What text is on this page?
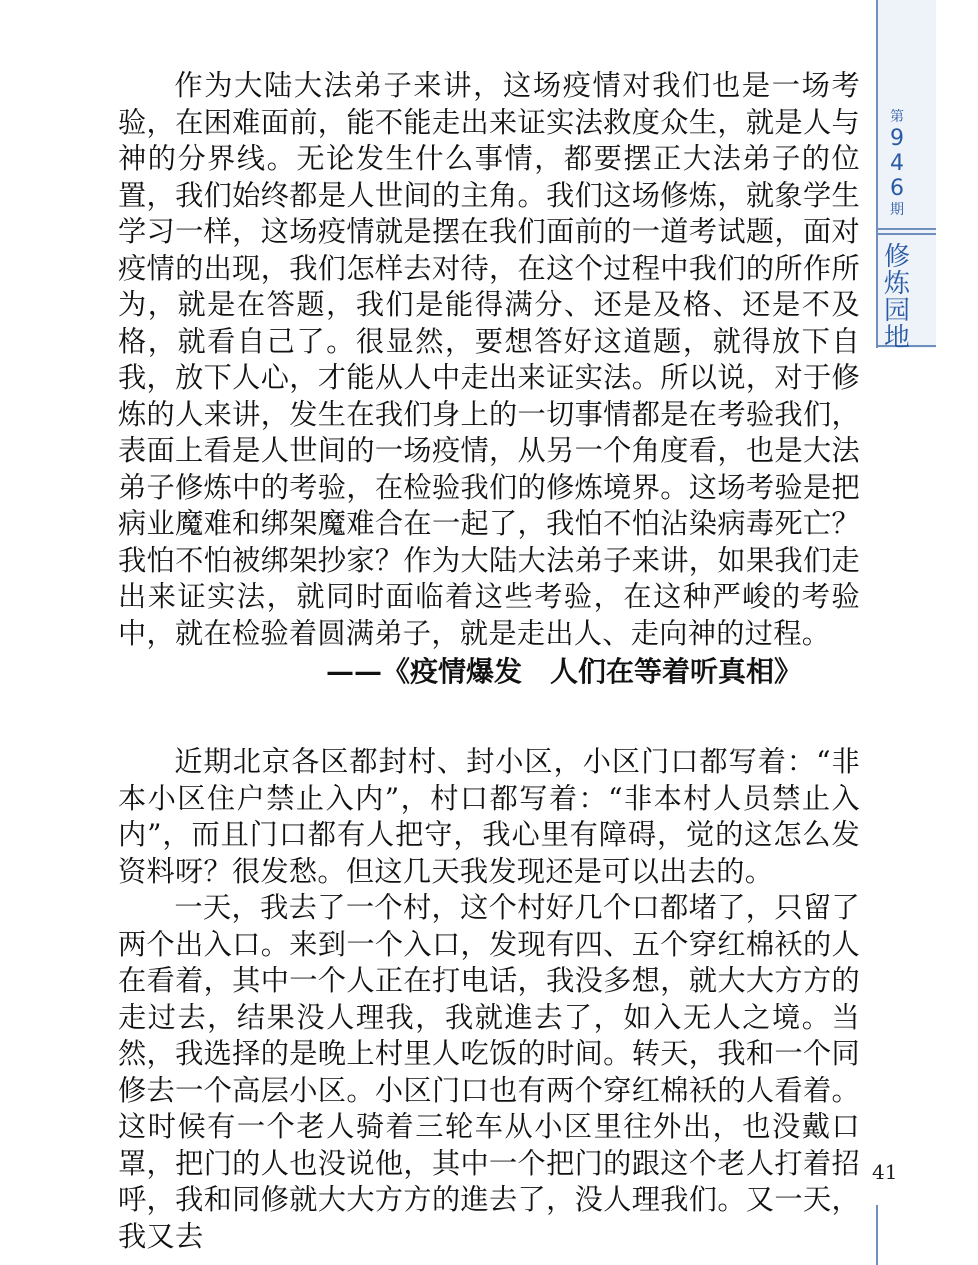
作为大陆大法弟子来讲，这场疫情对我们也是一场考验，在困难面前，能不能走出来证实法救度众生，就是人与神的分界线。无论发生什么事情，都要摆正大法弟子的位置，我们始终都是人世间的主角。我们这场修炼，就象学生学习一样，这场疫情就是摆在我们面前的一道考试题，面对疫情的出现，我们怎样去对待，在这个过程中我们的所作所为，就是在答题，我们是能得满分、还是及格、还是不及格，就看自己了。很显然，要想答好这道题，就得放下自我，放下人心，才能从人中走出来证实法。所以说，对于修炼的人来讲，发生在我们身上的一切事情都是在考验我们，表面上看是人世间的一场疫情，从另一个角度看，也是大法弟子修炼中的考验，在检验我们的修炼境界。这场考验是把病业魔难和绑架魔难合在一起了，我怕不怕沾染病毒死亡？我怕不怕被绑架抄家？作为大陆大法弟子来讲，如果我们走出来证实法，就同时面临着这些考验，在这种严峻的考验中，就在检验着圆满弟子，就是走出人、走向神的过程。

——《疫情爆发　人们在等着听真相》

近期北京各区都封村、封小区，小区门口都写着：“非本小区住户禁止入内”，村口都写着：“非本村人员禁止入内”，而且门口都有人把守，我心里有障碍，觉的这怎么发资料呀？很发愁。但这几天我发现还是可以出去的。

一天，我去了一个村，这个村好几个口都堵了，只留了两个出入口。来到一个入口，发现有四、五个穿红棉袄的人在看着，其中一个人正在打电话，我没多想，就大大方方的走过去，结果没人理我，我就進去了，如入无人之境。当然，我选择的是晚上村里人吃饭的时间。转天，我和一个同修去一个高层小区。小区门口也有两个穿红棉袄的人看着。这时候有一个老人骑着三轮车从小区里往外出，也没戴口罩，把门的人也没说他，其中一个把门的跟这个老人打着招呼，我和同修就大大方方的進去了，没人理我们。又一天，我又去

第
9
4
6
期
修
炼
园
地
41
